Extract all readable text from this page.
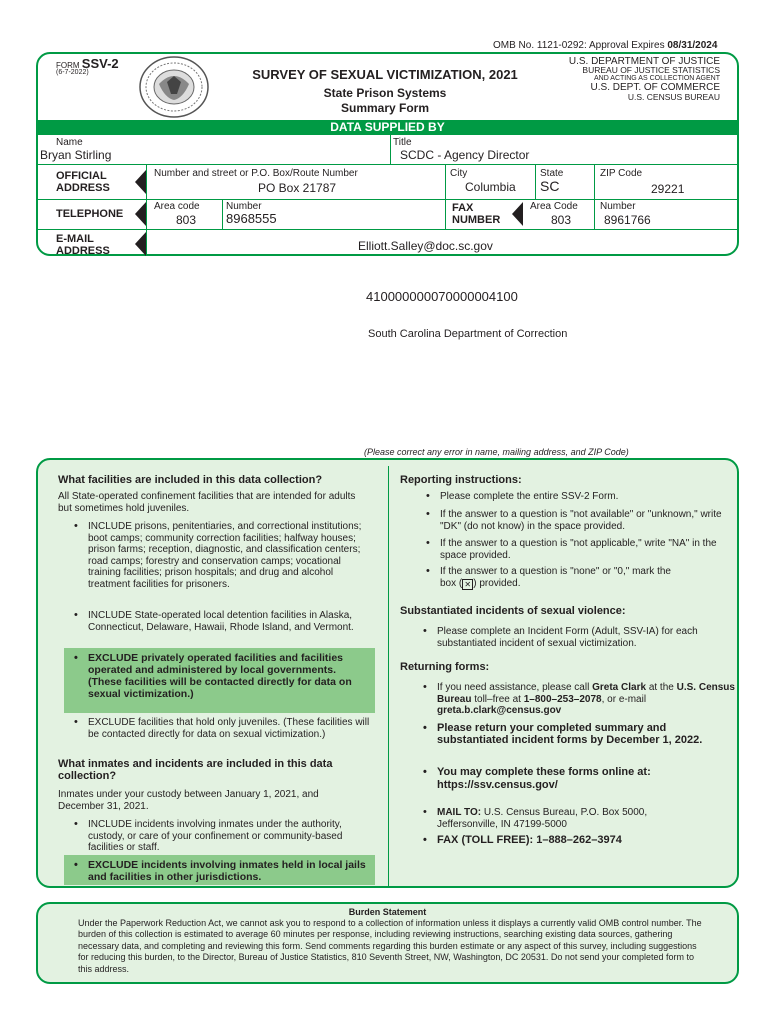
OMB No. 1121-0292: Approval Expires 08/31/2024
FORM SSV-2
(6-7-2022)	SURVEY OF SEXUAL VICTIMIZATION, 2021
State Prison Systems
Summary Form
U.S. DEPARTMENT OF JUSTICE
BUREAU OF JUSTICE STATISTICS
AND ACTING AS COLLECTION AGENT
U.S. DEPT. OF COMMERCE
U.S. CENSUS BUREAU
DATA SUPPLIED BY
Name
Bryan Stirling
Title
SCDC - Agency Director
OFFICIAL
ADDRESS
Number and street or P.O. Box/Route Number
PO Box 21787
City
Columbia
State
SC
ZIP Code
29221
TELEPHONE
Area code
803
Number
8968555
FAX
NUMBER
Area Code
803
Number
8961766
E-MAIL
ADDRESS	Elliott.Salley@doc.sc.gov
410000000070000004100
South Carolina Department of Correction
(Please correct any error in name, mailing address, and ZIP Code)
What facilities are included in this data collection?
All State-operated confinement facilities that are intended for adults but sometimes hold juveniles.
• INCLUDE prisons, penitentiaries, and correctional institutions; boot camps; community correction facilities; halfway houses; prison farms; reception, diagnostic, and classification centers; road camps; forestry and conservation camps; vocational training facilities; prison hospitals; and drug and alcohol treatment facilities for prisoners.
• INCLUDE State-operated local detention facilities in Alaska, Connecticut, Delaware, Hawaii, Rhode Island, and Vermont.
• EXCLUDE privately operated facilities and facilities operated and administered by local governments. (These facilities will be contacted directly for data on sexual victimization.)
• EXCLUDE facilities that hold only juveniles. (These facilities will be contacted directly for data on sexual victimization.)
What inmates and incidents are included in this data collection?
Inmates under your custody between January 1, 2021, and December 31, 2021.
• INCLUDE incidents involving inmates under the authority, custody, or care of your confinement or community-based facilities or staff.
• EXCLUDE incidents involving inmates held in local jails and facilities in other jurisdictions.
Reporting instructions:
• Please complete the entire SSV-2 Form.
• If the answer to a question is "not available" or "unknown," write "DK" (do not know) in the space provided.
• If the answer to a question is "not applicable," write "NA" in the space provided.
• If the answer to a question is "none" or "0," mark the
box ( ✕ ) provided.
Substantiated incidents of sexual violence:
• Please complete an Incident Form (Adult, SSV-IA) for each substantiated incident of sexual victimization.
Returning forms:
• If you need assistance, please call Greta Clark at the U.S. Census Bureau toll–free at 1–800–253–2078, or e-mail greta.b.clark@census.gov
• Please return your completed summary and substantiated incident forms by December 1, 2022.
• You may complete these forms online at:
https://ssv.census.gov/
• MAIL TO: U.S. Census Bureau, P.O. Box 5000, Jeffersonville, IN 47199-5000
• FAX (TOLL FREE): 1–888–262–3974
Burden Statement
Under the Paperwork Reduction Act, we cannot ask you to respond to a collection of information unless it displays a currently valid OMB control number. The burden of this collection is estimated to average 60 minutes per response, including reviewing instructions, searching existing data sources, gathering necessary data, and completing and reviewing this form. Send comments regarding this burden estimate or any aspect of this survey, including suggestions for reducing this burden, to the Director, Bureau of Justice Statistics, 810 Seventh Street, NW, Washington, DC 20531. Do not send your completed form to this address.
